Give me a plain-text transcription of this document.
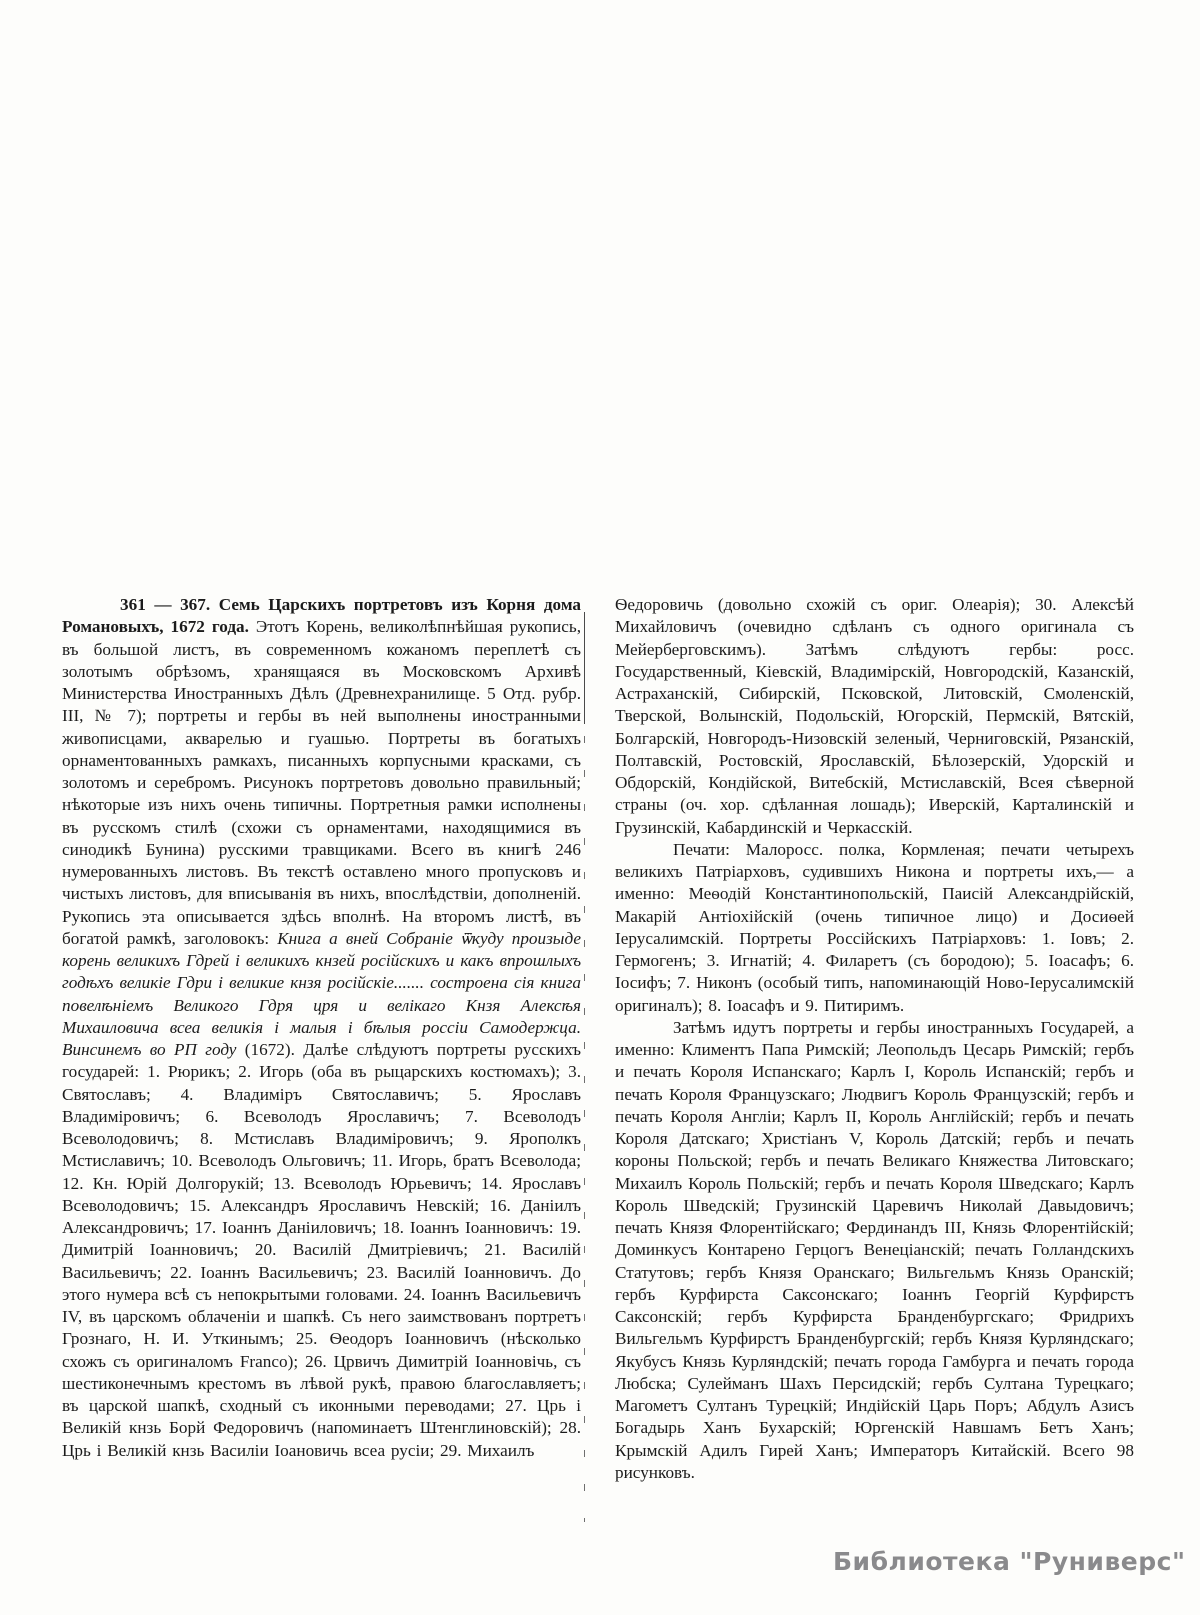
361 — 367. Семь Царскихъ портретовъ изъ Корня дома Романовыхъ, 1672 года. Этотъ Корень, великолѣпнѣйшая рукопись, въ большой листъ, въ современномъ кожаномъ переплетѣ съ золотымъ обрѣзомъ, хранящаяся въ Московскомъ Архивѣ Министерства Иностранныхъ Дѣлъ (Древнехранилище. 5 Отд. рубр. III, № 7); портреты и гербы въ ней выполнены иностранными живописцами, акварелью и гуашью. Портреты въ богатыхъ орнаментованныхъ рамкахъ, писанныхъ корпусными красками, съ золотомъ и серебромъ. Рисунокъ портретовъ довольно правильный; нѣкоторые изъ нихъ очень типичны. Портретныя рамки исполнены въ русскомъ стилѣ (схожи съ орнаментами, находящимися въ синодикѣ Бунина) русскими травщиками. Всего въ книгѣ 246 нумерованныхъ листовъ. Въ текстѣ оставлено много пропусковъ и чистыхъ листовъ, для вписыванія въ нихъ, впослѣдствіи, дополненій. Рукопись эта описывается здѣсь вполнѣ. На второмъ листѣ, въ богатой рамкѣ, заголовокъ: Книга а вней Собраніе ѿкуду произыде корень великихъ Гдрей і великихъ кнзей російскихъ и какъ впрошлыхъ годѣхъ великіе Гдри і великие кнзя російскіе....... состроена сія книга повелѣніемъ Великого Гдря цря и велікаго Кнзя Алексѣя Михаиловича всеа великія і малыя і бѣлыя россіи Самодержца. Винсинемъ во РП году (1672). Далѣе слѣдуютъ портреты русскихъ государей: 1. Рюрикъ; 2. Игорь (оба въ рыцарскихъ костюмахъ); 3. Святославъ; 4. Владиміръ Святославичъ; 5. Ярославъ Владиміровичъ; 6. Всеволодъ Ярославичъ; 7. Всеволодъ Всеволодовичъ; 8. Мстиславъ Владиміровичъ; 9. Ярополкъ Мстиславичъ; 10. Всеволодъ Ольговичъ; 11. Игорь, братъ Всеволода; 12. Кн. Юрій Долгорукій; 13. Всеволодъ Юрьевичъ; 14. Ярославъ Всеволодовичъ; 15. Александръ Ярославичъ Невскій; 16. Даніилъ Александровичъ; 17. Іоаннъ Даніиловичъ; 18. Іоаннъ Іоанновичъ: 19. Димитрій Іоанновичъ; 20. Василій Дмитріевичъ; 21. Василій Васильевичъ; 22. Іоаннъ Васильевичъ; 23. Василій Іоанновичъ. До этого нумера всѣ съ непокрытыми головами. 24. Іоаннъ Васильевичъ IV, въ царскомъ облаченіи и шапкѣ. Съ него заимствованъ портретъ Грознаго, Н. И. Уткинымъ; 25. Ѳеодоръ Іоанновичъ (нѣсколько схожъ съ оригиналомъ Franco); 26. Црвичъ Димитрій Іоанновічь, съ шестиконечнымъ крестомъ въ лѣвой рукѣ, правою благославляетъ; въ царской шапкѣ, сходный съ иконными переводами; 27. Црь і Великій кнзь Борй Федоровичъ (напоминаетъ Штенглиновскій); 28. Црь і Великій кнзь Василіи Іоановичь всеа русіи; 29. Михаилъ

Ѳедоровичь (довольно схожій съ ориг. Олеарія); 30. Алексѣй Михайловичъ (очевидно сдѣланъ съ одного оригинала съ Мейерберговскимъ). Затѣмъ слѣдуютъ гербы: росс. Государственный, Кіевскій, Владимірскій, Новгородскій, Казанскій, Астраханскій, Сибирскій, Псковской, Литовскій, Смоленскій, Тверской, Волынскій, Подольскій, Югорскій, Пермскій, Вятскій, Болгарскій, Новгородъ-Низовскій зеленый, Черниговскій, Рязанскій, Полтавскій, Ростовскій, Ярославскій, Бѣлозерскій, Удорскій и Обдорскій, Кондійской, Витебскій, Мстиславскій, Всея сѣверной страны (оч. хор. сдѣланная лошадь); Иверскій, Карталинскій и Грузинскій, Кабардинскій и Черкасскій.

Печати: Малоросс. полка, Кормленая; печати четырехъ великихъ Патріарховъ, судившихъ Никона и портреты ихъ,— а именно: Меѳодій Константинопольскій, Паисій Александрійскій, Макарій Антіохійскій (очень типичное лицо) и Досиѳей Іерусалимскій. Портреты Россійскихъ Патріарховъ: 1. Іовъ; 2. Гермогенъ; 3. Игнатій; 4. Филаретъ (съ бородою); 5. Іоасафъ; 6. Іосифъ; 7. Никонъ (особый типъ, напоминающій Ново-Іерусалимскій оригиналъ); 8. Іоасафъ и 9. Питиримъ.

Затѣмъ идутъ портреты и гербы иностранныхъ Государей, а именно: Климентъ Папа Римскій; Леопольдъ Цесарь Римскій; гербъ и печать Короля Испанскаго; Карлъ I, Король Испанскій; гербъ и печать Короля Французскаго; Людвигъ Король Французскій; гербъ и печать Короля Англіи; Карлъ II, Король Англійскій; гербъ и печать Короля Датскаго; Христіанъ V, Король Датскій; гербъ и печать короны Польской; гербъ и печать Великаго Княжества Литовскаго; Михаилъ Король Польскій; гербъ и печать Короля Шведскаго; Карлъ Король Шведскій; Грузинскій Царевичъ Николай Давыдовичъ; печать Князя Флорентійскаго; Фердинандъ III, Князь Флорентійскій; Доминкусъ Контарено Герцогъ Венеціанскій; печать Голландскихъ Статутовъ; гербъ Князя Оранскаго; Вильгельмъ Князь Оранскій; гербъ Курфирста Саксонскаго; Іоаннъ Георгій Курфирстъ Саксонскій; гербъ Курфирста Бранденбургскаго; Фридрихъ Вильгельмъ Курфирстъ Бранденбургскій; гербъ Князя Курляндскаго; Якубусъ Князь Курляндскій; печать города Гамбурга и печать города Любска; Сулейманъ Шахъ Персидскій; гербъ Султана Турецкаго; Магометъ Султанъ Турецкій; Индійскій Царь Поръ; Абдулъ Азисъ Богадырь Ханъ Бухарскій; Юргенскій Навшамъ Бетъ Ханъ; Крымскій Адилъ Гирей Ханъ; Императоръ Китайскій. Всего 98 рисунковъ.

Библиотека "Руниверс"
